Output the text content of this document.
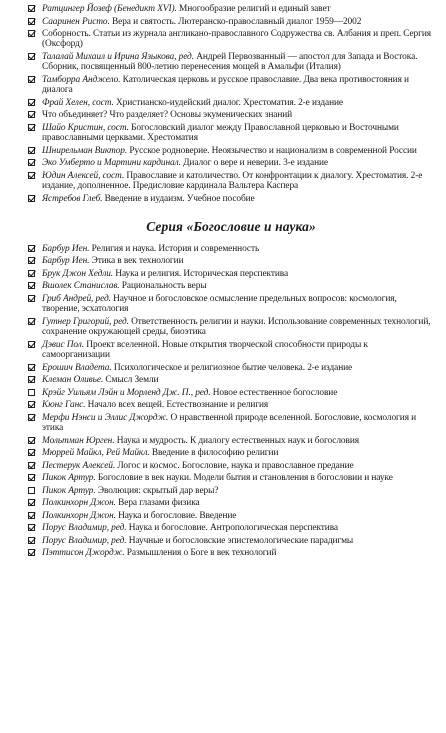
Ратцингер Йозеф (Бенедикт XVI). Многообразие религий и единый завет
Сааринен Ристо. Вера и святость. Лютеранско-православный диалог 1959—2002
Соборность. Статьи из журнала англикано-православного Содружества св. Албания и преп. Сергия (Оксфорд)
Талалай Михаил и Ирина Языкова, ред. Андрей Первозванный — апостол для Запада и Востока. Сборник, посвященный 800-летию перенесения мощей в Амальфи (Италия)
Тамборра Анджело. Католическая церковь и русское православие. Два века противостояния и диалога
Фрай Хелен, сост. Христианско-иудейский диалог. Хрестоматия. 2-е издание
Что объединяет? Что разделяет? Основы экуменических знаний
Шайо Кристин, сост. Богословский диалог между Православной церковью и Восточными православными церквами. Хрестоматия
Шнирельман Виктор. Русское родноверие. Неоязычество и национализм в современной России
Эко Умберто и Мартини кардинал. Диалог о вере и неверии. 3-е издание
Юдин Алексей, сост. Православие и католичество. От конфронтации к диалогу. Хрестоматия. 2-е издание, дополненное. Предисловие кардинала Вальтера Каспера
Ястребов Глеб. Введение в иудаизм. Учебное пособие
Серия «Богословие и наука»
Барбур Иен. Религия и наука. История и современность
Барбур Иен. Этика в век технологии
Брук Джон Хедли. Наука и религия. Историческая перспектива
Вшолек Станислав. Рациональность веры
Гриб Андрей, ред. Научное и богословское осмысление предельных вопросов: космология, творение, эсхатология
Гутнер Григорий, ред. Ответственность религии и науки. Использование современных технологий, сохранение окружающей среды, биоэтика
Дэвис Пол. Проект вселенной. Новые открытия творческой способности природы к самоорганизации
Ерошич Владета. Психологическое и религиозное бытие человека. 2-е издание
Клеман Оливье. Смысл Земли
Крэйг Уильям Лэйн и Морленд Дж. П., ред. Новое естественное богословие
Кюнг Ганс. Начало всех вещей. Естествознание и религия
Мерфи Нэнси и Эллис Джордж. О нравственной природе вселенной. Богословие, космология и этика
Мольтман Юрген. Наука и мудрость. К диалогу естественных наук и богословия
Мюррей Майкл, Рей Майкл. Введение в философию религии
Пестерук Алексей. Логос и космос. Богословие, наука и православное предание
Пикок Артур. Богословие в век науки. Модели бытия и становления в богословии и науке
Пикок Артур. Эволюция: скрытый дар веры?
Полкинхорн Джон. Вера глазами физика
Полкинхорн Джон. Наука и богословие. Введение
Порус Владимир, ред. Наука и богословие. Антропологическая перспектива
Порус Владимир, ред. Научные и богословские эпистемологические парадигмы
Пэттисон Джордж. Размышления о Боге в век технологий
